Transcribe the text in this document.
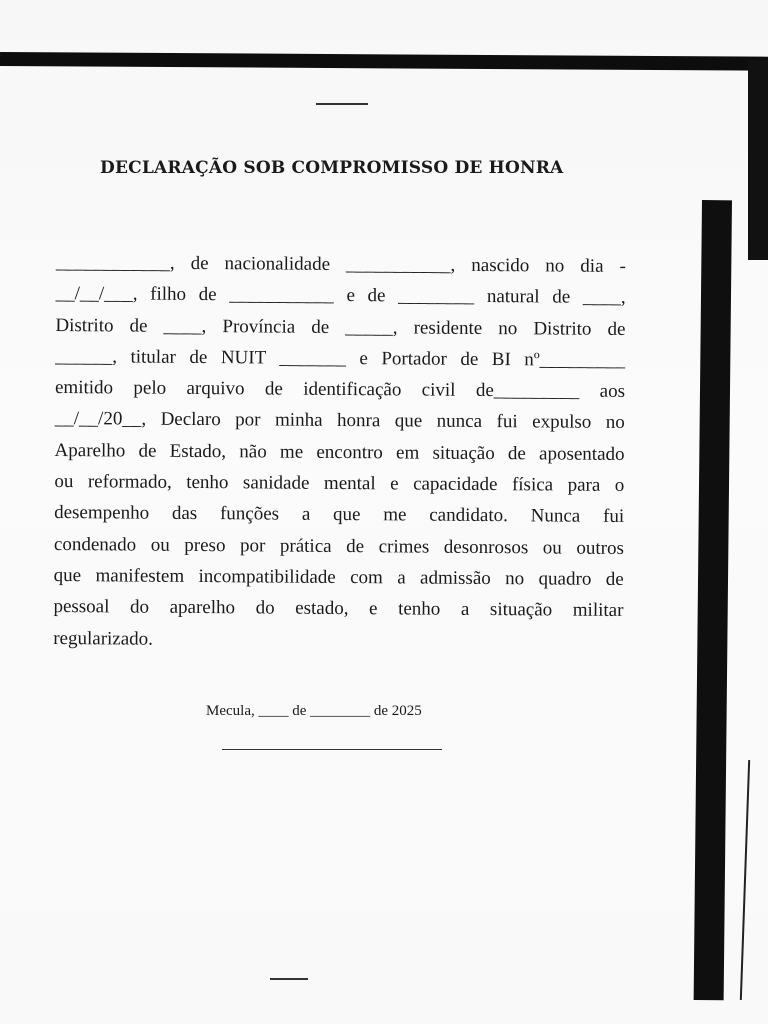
DECLARAÇÃO SOB COMPROMISSO DE HONRA
____________, de nacionalidade ___________, nascido no dia -
__/__/___, filho de ___________ e de ________ natural de ____,
Distrito de ____, Província de _____, residente no Distrito de
______, titular de NUIT _______ e Portador de BI nº_________
emitido pelo arquivo de identificação civil de_________ aos
__/__/20__, Declaro por minha honra que nunca fui expulso no
Aparelho de Estado, não me encontro em situação de aposentado
ou reformado, tenho sanidade mental e capacidade física para o
desempenho das funções a que me candidato. Nunca fui
condenado ou preso por prática de crimes desonrosos ou outros
que manifestem incompatibilidade com a admissão no quadro de
pessoal do aparelho do estado, e tenho a situação militar
regularizado.
Mecula, ____ de ________ de 2025
